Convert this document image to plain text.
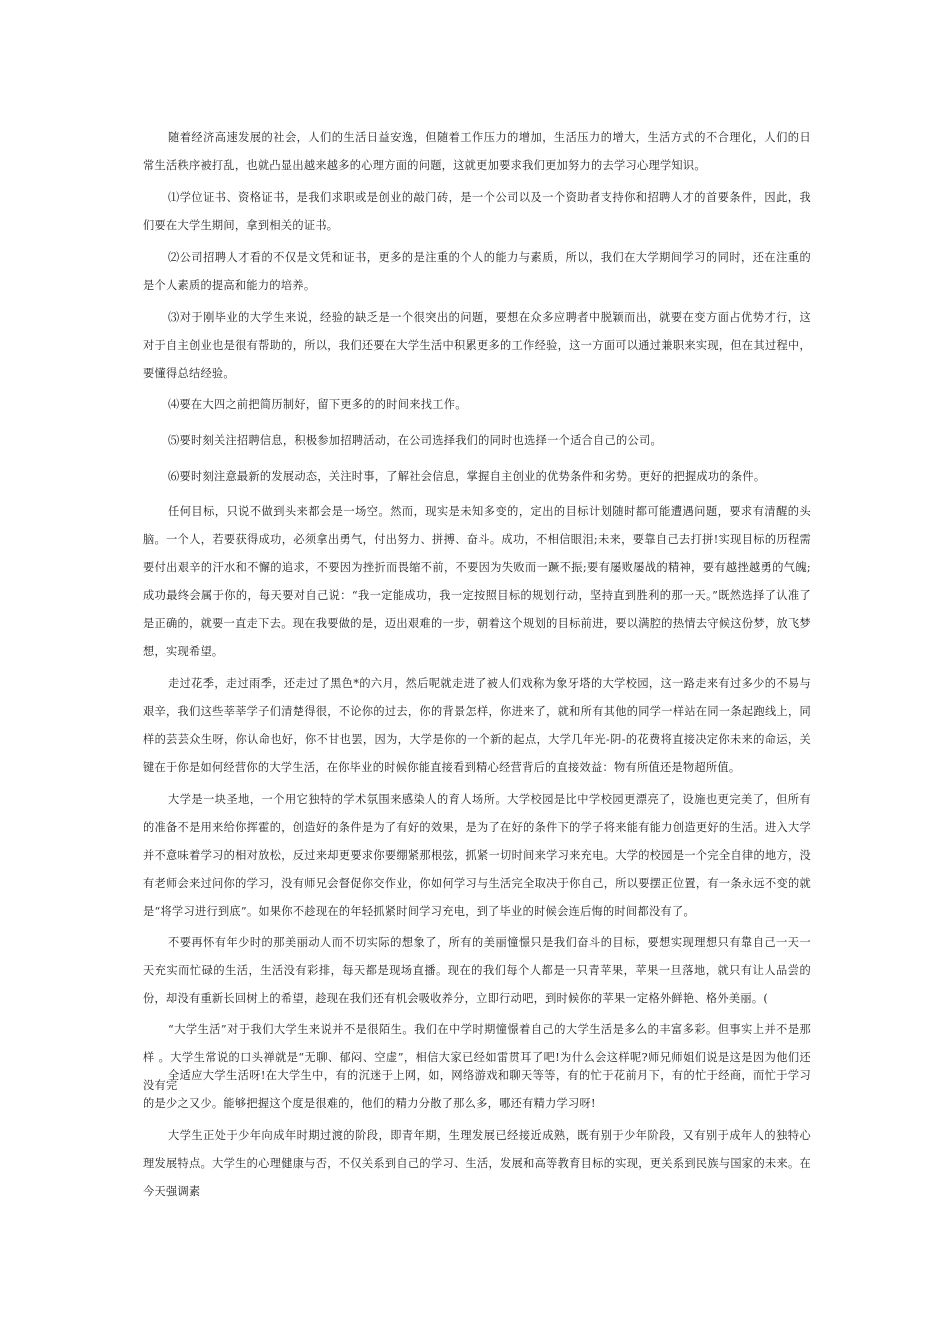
随着经济高速发展的社会，人们的生活日益安逸，但随着工作压力的增加，生活压力的增大，生活方式的不合理化，人们的日常生活秩序被打乱，也就凸显出越来越多的心理方面的问题，这就更加要求我们更加努力的去学习心理学知识。

⑴学位证书、资格证书，是我们求职或是创业的敲门砖，是一个公司以及一个资助者支持你和招聘人才的首要条件，因此，我们要在大学生期间，拿到相关的证书。

⑵公司招聘人才看的不仅是文凭和证书，更多的是注重的个人的能力与素质，所以，我们在大学期间学习的同时，还在注重的是个人素质的提高和能力的培养。

⑶对于刚毕业的大学生来说，经验的缺乏是一个很突出的问题，要想在众多应聘者中脱颖而出，就要在变方面占优势才行，这对于自主创业也是很有帮助的，所以，我们还要在大学生活中积累更多的工作经验，这一方面可以通过兼职来实现，但在其过程中，要懂得总结经验。

⑷要在大四之前把简历制好，留下更多的的时间来找工作。

⑸要时刻关注招聘信息，积极参加招聘活动，在公司选择我们的同时也选择一个适合自己的公司。

⑹要时刻注意最新的发展动态，关注时事，了解社会信息，掌握自主创业的优势条件和劣势。更好的把握成功的条件。

任何目标，只说不做到头来都会是一场空。然而，现实是未知多变的，定出的目标计划随时都可能遭遇问题，要求有清醒的头脑。一个人，若要获得成功，必须拿出勇气，付出努力、拼搏、奋斗。成功，不相信眼泪;未来，要靠自己去打拼!实现目标的历程需要付出艰辛的汗水和不懈的追求，不要因为挫折而畏缩不前，不要因为失败而一蹶不振;要有屡败屡战的精神，要有越挫越勇的气魄;成功最终会属于你的，每天要对自己说：“我一定能成功，我一定按照目标的规划行动，坚持直到胜利的那一天。”既然选择了认准了是正确的，就要一直走下去。现在我要做的是，迈出艰难的一步，朝着这个规划的目标前进，要以满腔的热情去守候这份梦，放飞梦想，实现希望。

走过花季，走过雨季，还走过了黑色*的六月，然后呢就走进了被人们戏称为象牙塔的大学校园，这一路走来有过多少的不易与艰辛，我们这些莘莘学子们清楚得很，不论你的过去，你的背景怎样，你进来了，就和所有其他的同学一样站在同一条起跑线上，同样的芸芸众生呀，你认命也好，你不甘也罢，因为，大学是你的一个新的起点，大学几年光-阴-的花费将直接决定你未来的命运，关键在于你是如何经营你的大学生活，在你毕业的时候你能直接看到精心经营背后的直接效益：物有所值还是物超所值。

大学是一块圣地，一个用它独特的学术氛围来感染人的育人场所。大学校园是比中学校园更漂亮了，设施也更完美了，但所有的准备不是用来给你挥霍的，创造好的条件是为了有好的效果，是为了在好的条件下的学子将来能有能力创造更好的生活。进入大学并不意味着学习的相对放松，反过来却更要求你要绷紧那根弦，抓紧一切时间来学习来充电。大学的校园是一个完全自律的地方，没有老师会来过问你的学习，没有师兄会督促你交作业，你如何学习与生活完全取决于你自己，所以要摆正位置，有一条永远不变的就是“将学习进行到底”。如果你不趁现在的年轻抓紧时间学习充电，到了毕业的时候会连后悔的时间都没有了。

不要再怀有年少时的那美丽动人而不切实际的想象了，所有的美丽憧憬只是我们奋斗的目标，要想实现理想只有靠自己一天一天充实而忙碌的生活，生活没有彩排，每天都是现场直播。现在的我们每个人都是一只青苹果，苹果一旦落地，就只有让人品尝的份，却没有重新长回树上的希望，趁现在我们还有机会吸收养分，立即行动吧，到时候你的苹果一定格外鲜艳、格外美丽。(

“大学生活”对于我们大学生来说并不是很陌生。我们在中学时期憧憬着自己的大学生活是多么的丰富多彩。但事实上并不是那样 。大学生常说的口头禅就是“无聊、郁闷、空虚”，相信大家已经如雷贯耳了吧!为什么会这样呢?师兄师姐们说是这是因为他们还没有完

全适应大学生活呀!在大学生中，有的沉迷于上网，如，网络游戏和聊天等等，有的忙于花前月下，有的忙于经商，而忙于学习的是少之又少。能够把握这个度是很难的，他们的精力分散了那么多，哪还有精力学习呀!

大学生正处于少年向成年时期过渡的阶段，即青年期，生理发展已经接近成熟，既有别于少年阶段，又有别于成年人的独特心理发展特点。大学生的心理健康与否，不仅关系到自己的学习、生活，发展和高等教育目标的实现，更关系到民族与国家的未来。在今天强调素
